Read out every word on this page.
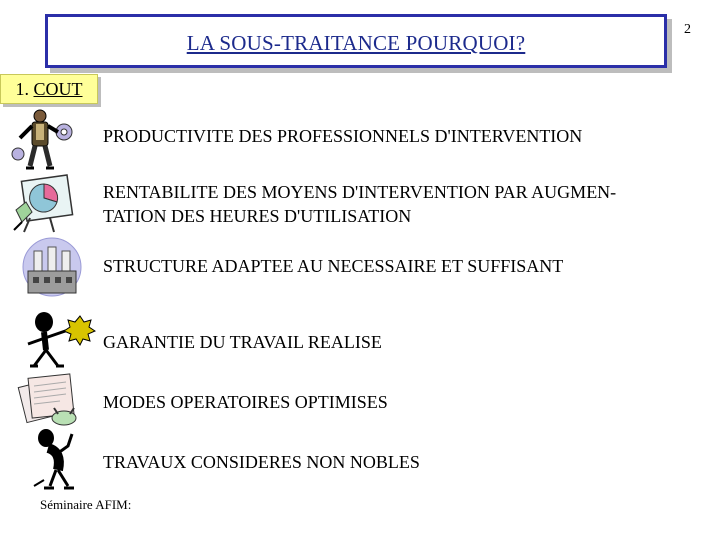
LA SOUS-TRAITANCE POURQUOI?
2
1. COUT
PRODUCTIVITE DES PROFESSIONNELS D'INTERVENTION
RENTABILITE DES MOYENS D'INTERVENTION PAR AUGMEN-
TATION DES HEURES D'UTILISATION
STRUCTURE ADAPTEE AU NECESSAIRE ET SUFFISANT
GARANTIE DU TRAVAIL REALISE
MODES OPERATOIRES OPTIMISES
TRAVAUX CONSIDERES NON NOBLES
Séminaire AFIM:
